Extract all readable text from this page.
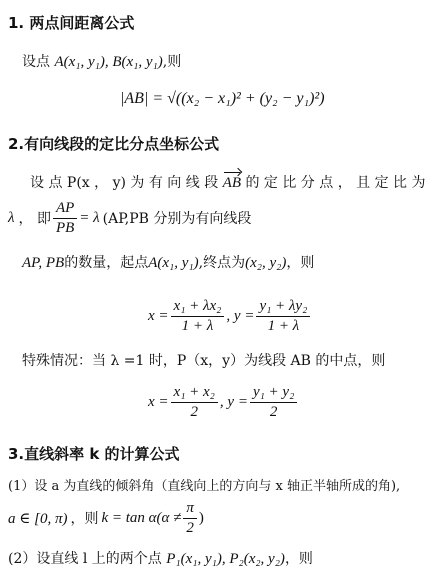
1. 两点间距离公式
设点 A(x₁, y₁), B(x₁, y₁),则
|AB| = √((x₂ − x₁)² + (y₂ − y₁)²)
2.有向线段的定比分点坐标公式
设 点 P(x ， y) 为 有 向 线 段 AB 的 定 比 分 点 ， 且 定 比 为
λ ， 即 $\frac{AP}{PB} = \lambda$ (AP,PB 分别为有向线段
AP, PB的数量，起点A(x₁, y₁),终点为(x₂, y₂)，则
$x = \frac{\text{x₁ + λx₂}}{1 + \lambda}$ , $y = \frac{\text{y₁ + λy₂}}{1 + \lambda}$
特殊情况：当 λ =1 时，P（x，y）为线段 AB 的中点，则
$x = \frac{\text{x₁ + x₂}}{2}$ , $y = \frac{\text{y₁ + y₂}}{2}$
3.直线斜率 k 的计算公式
(1）设 a 为直线的倾斜角（直线向上的方向与 x 轴正半轴所成的角),
a ∈ [0, π) ，则 $k = \tan \alpha(\alpha \ne \frac{\pi}{2}$ )
(2）设直线 l 上的两个点 P₁(x₁, y₁), P₂(x₂, y₂)，则
